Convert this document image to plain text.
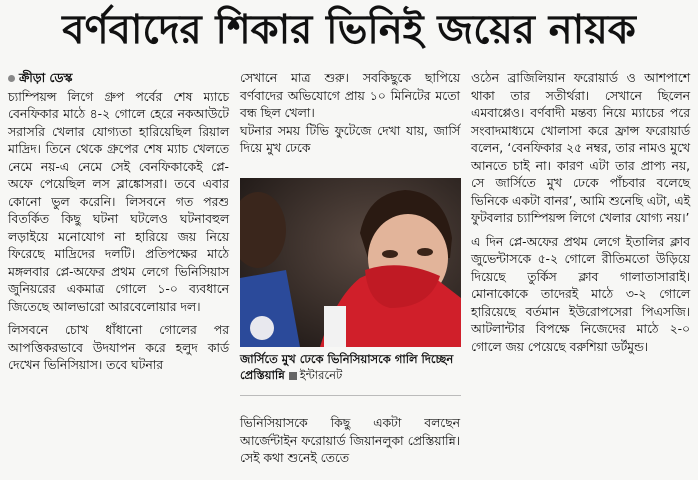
বর্ণবাদের শিকার ভিনিই জয়ের নায়ক
ক্রীড়া ডেস্ক

চ্যাম্পিয়ন্স লিগে গ্রুপ পর্বের শেষ ম্যাচে বেনফিকার মাঠে ৪-২ গোলে হেরে নকআউটে সরাসরি খেলার যোগ্যতা হারিয়েছিল রিয়াল মাদ্রিদ। তিনে থেকে গ্রুপের শেষ ম্যাচ খেলতে নেমে নয়-এ নেমে সেই বেনফিকাকেই প্লে-অফে পেয়েছিল লস ব্লাঙ্কোসরা। তবে এবার কোনো ভুল করেনি। লিসবনে গত পরশু বিতর্কিত কিছু ঘটনা ঘটলেও ঘটনাবহুল লড়াইয়ে মনোযোগ না হারিয়ে জয় নিয়ে ফিরেছে মাদ্রিদের দলটি। প্রতিপক্ষের মাঠে মঙ্গলবার প্লে-অফের প্রথম লেগে ভিনিসিয়াস জুনিয়রের একমাত্র গোলে ১-০ ব্যবধানে জিতেছে আলভারো আরবেলোয়ার দল।

লিসবনে চোখ ধাঁধানো গোলের পর আপত্তিকরভাবে উদযাপন করে হলুদ কার্ড দেখেন ভিনিসিয়াস। তবে ঘটনার

সেখানে মাত্র শুরু। সবকিছুকে ছাপিয়ে বর্ণবাদের অভিযোগে প্রায় ১০ মিনিটের মতো বন্ধ ছিল খেলা।

ঘটনার সময় টিভি ফুটেজে দেখা যায়, জার্সি দিয়ে মুখ ঢেকে

জার্সিতে মুখ ঢেকে ভিনিসিয়াসকে গালি দিচ্ছেন প্রেস্তিয়ান্নি ইন্টারনেট

ভিনিসিয়াসকে কিছু একটা বলছেন আর্জেন্টাইন ফরোয়ার্ড জিয়ানলুকা প্রেস্তিয়ান্নি। সেই কথা শুনেই তেতে

ওঠেন ব্রাজিলিয়ান ফরোয়ার্ড ও আশপাশে থাকা তার সতীর্থরা। সেখানে ছিলেন এমবাপ্পেও। বর্ণবাদী মন্তব্য নিয়ে ম্যাচের পরে সংবাদমাধ্যমে খোলাসা করে ফ্রান্স ফরোয়ার্ড বলেন, ‘বেনফিকার ২৫ নম্বর, তার নামও মুখে আনতে চাই না। কারণ এটা তার প্রাপ্য নয়, সে জার্সিতে মুখ ঢেকে পাঁচবার বলেছে ভিনিকে একটা বানর’, আমি শুনেছি এটা, এই ফুটবলার চ্যাম্পিয়ন্স লিগে খেলার যোগ্য নয়।’

এ দিন প্লে-অফের প্রথম লেগে ইতালির ক্লাব জুভেন্টাসকে ৫-২ গোলে রীতিমতো উড়িয়ে দিয়েছে তুর্কিস ক্লাব গালাতাসারাই। মোনাকোকে তাদেরই মাঠে ৩-২ গোলে হারিয়েছে বর্তমান ইউরোপসেরা পিএসজি। আটলান্টার বিপক্ষে নিজেদের মাঠে ২-০ গোলে জয় পেয়েছে বরুশিয়া ডর্টমুন্ড।
